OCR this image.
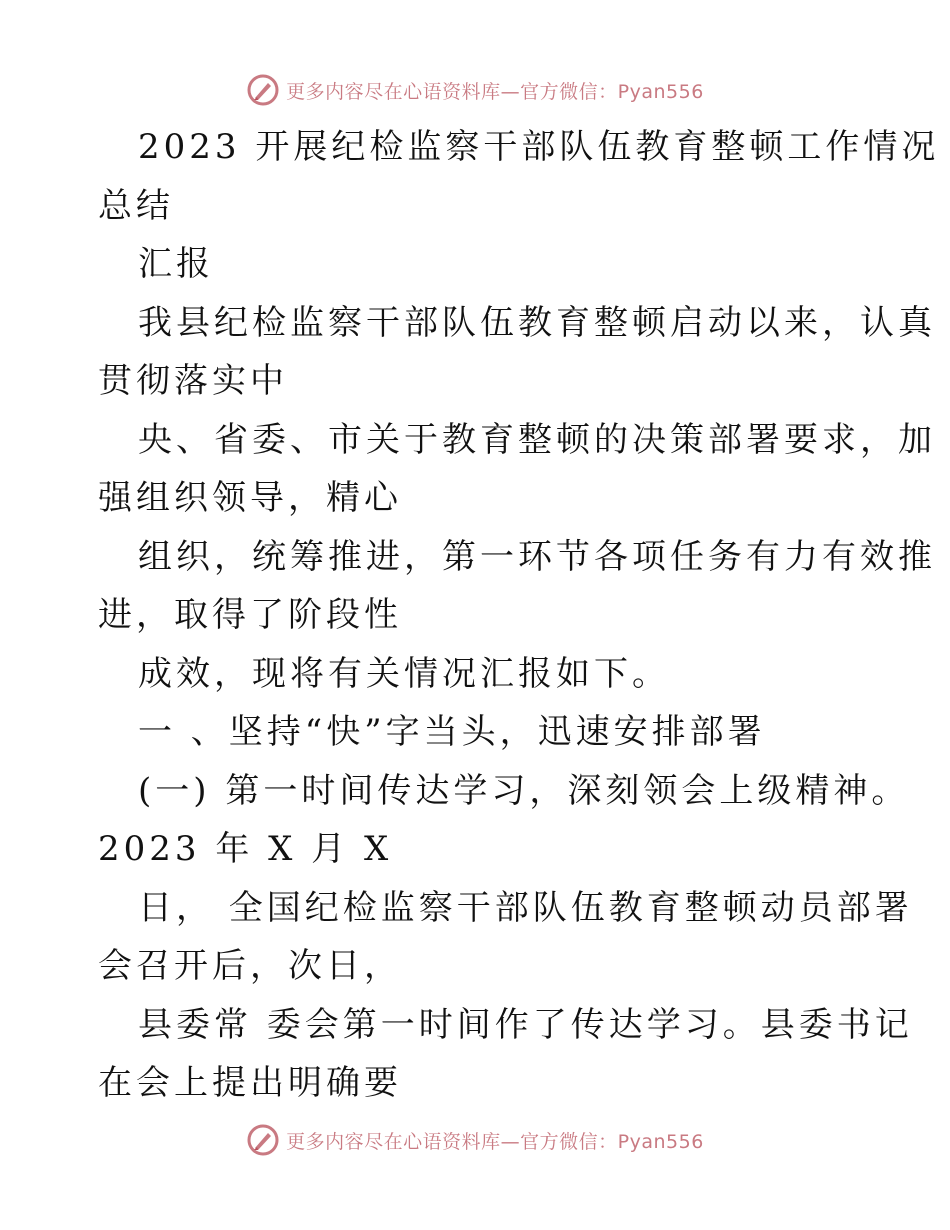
更多内容尽在心语资料库—官方微信：Pyan556
2023 开展纪检监察干部队伍教育整顿工作情况
总结
汇报
我县纪检监察干部队伍教育整顿启动以来，认真
贯彻落实中
央、省委、市关于教育整顿的决策部署要求，加
强组织领导，精心
组织，统筹推进，第一环节各项任务有力有效推
进，取得了阶段性
成效，现将有关情况汇报如下。
一 、坚持“快”字当头，迅速安排部署
(一) 第一时间传达学习，深刻领会上级精神。
2023 年 X 月 X
日， 全国纪检监察干部队伍教育整顿动员部署
会召开后，次日，
县委常 委会第一时间作了传达学习。县委书记
在会上提出明确要
更多内容尽在心语资料库—官方微信：Pyan556
